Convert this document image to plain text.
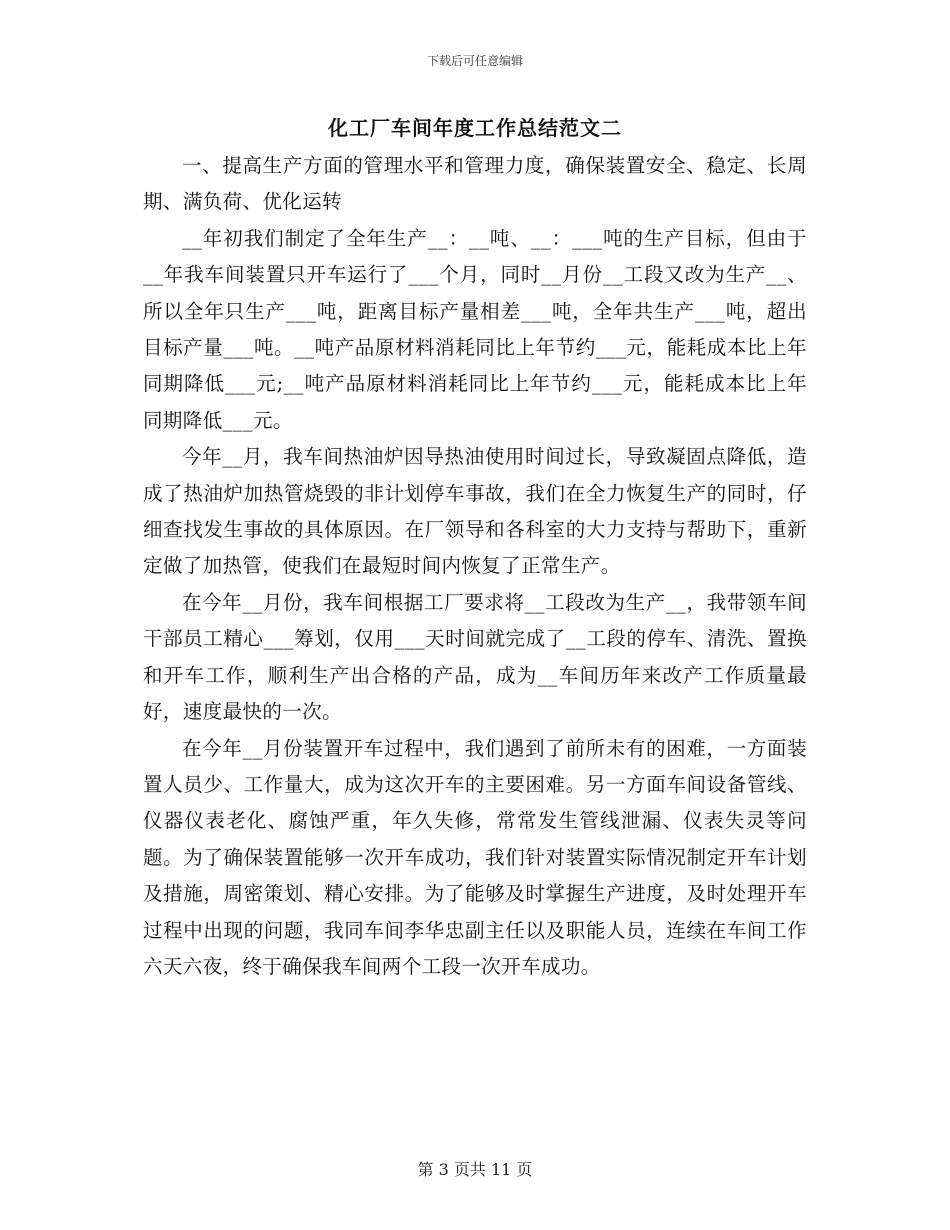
下载后可任意编辑
化工厂车间年度工作总结范文二

一、提高生产方面的管理水平和管理力度，确保装置安全、稳定、长周期、满负荷、优化运转

__年初我们制定了全年生产__：__吨、__：___吨的生产目标，但由于__年我车间装置只开车运行了___个月，同时__月份__工段又改为生产__、所以全年只生产___吨，距离目标产量相差___吨，全年共生产___吨，超出目标产量___吨。__吨产品原材料消耗同比上年节约___元，能耗成本比上年同期降低___元;__吨产品原材料消耗同比上年节约___元，能耗成本比上年同期降低___元。

今年__月，我车间热油炉因导热油使用时间过长，导致凝固点降低，造成了热油炉加热管烧毁的非计划停车事故，我们在全力恢复生产的同时，仔细查找发生事故的具体原因。在厂领导和各科室的大力支持与帮助下，重新定做了加热管，使我们在最短时间内恢复了正常生产。

在今年__月份，我车间根据工厂要求将__工段改为生产__，我带领车间干部员工精心___筹划，仅用___天时间就完成了__工段的停车、清洗、置换和开车工作，顺利生产出合格的产品，成为__车间历年来改产工作质量最好，速度最快的一次。

在今年__月份装置开车过程中，我们遇到了前所未有的困难，一方面装置人员少、工作量大，成为这次开车的主要困难。另一方面车间设备管线、仪器仪表老化、腐蚀严重，年久失修，常常发生管线泄漏、仪表失灵等问题。为了确保装置能够一次开车成功，我们针对装置实际情况制定开车计划及措施，周密策划、精心安排。为了能够及时掌握生产进度，及时处理开车过程中出现的问题，我同车间李华忠副主任以及职能人员，连续在车间工作六天六夜，终于确保我车间两个工段一次开车成功。

第 3 页共 11 页
